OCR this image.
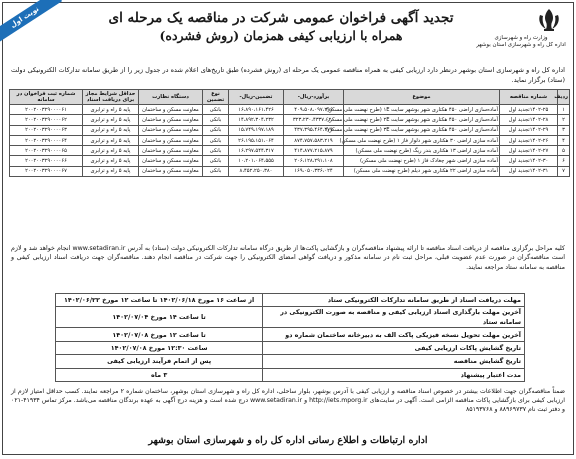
نوبت اول
وزارت راه و شهرسازی
اداره کل راه و شهرسازی استان بوشهر
تجدید آگهی فراخوان عمومی شرکت در مناقصه یک مرحله ای
همراه با ارزیابی کیفی همزمان (روش فشرده)
اداره کل راه و شهرسازی استان بوشهر درنظر دارد ارزیابی کیفی به همراه مناقصه عمومی یک مرحله ای (روش فشرده) طبق تاریخ‌های اعلام شده در جدول زیر را از طریق سامانه تدارکات الکترونیکی دولت (ستاد) برگزار نماید.
ردیف	شماره مناقصه	موضوع	برآورد-ریال-	تضمین-ریال-	نوع تضمین	دستگاه نظارت	حداقل شرایط مجاز برای دریافت اسناد	شماره ثبت فراخوان در سامانه
۱	۱۴۰۲-۲۵تجدید اول	آماده‌سازی اراضی ۴۵۰ هکتاری شهر بوشهر سایت ۱E (طرح نهضت ملی مسکن)	۴۰۹،۵۰۸،۰۹۷،۲۹۶	۱۶،۸۹۰،۱۶۱،۴۲۶	بانکی	معاونت مسکن و ساختمان	پایه ۵ راه و ترابری	۲۰۰۲۰۰۳۲۹۰۰۰۰۶۱
۲	۱۴۰۲-۲۸تجدید اول	آماده‌سازی اراضی ۴۵۰ هکتاری شهر بوشهر سایت ۲E (طرح نهضت ملی مسکن)	۳۲۳،۲۳۰،۴۳۳۷،۰۲۰	۱۴،۸۹۲،۳۰۴،۲۳۲	بانکی	معاونت مسکن و ساختمان	پایه ۵ راه و ترابری	۲۰۰۲۰۰۳۲۹۰۰۰۰۶۲
۳	۱۴۰۲-۲۹تجدید اول	آماده‌سازی اراضی ۴۵۰ هکتاری شهر بوشهر سایت ۳E (طرح نهضت ملی مسکن)	۴۳۷،۳۹۵،۴۶۴،۴۷۹	۱۵،۷۴۹،۱۹۷،۱۸۹	بانکی	معاونت مسکن و ساختمان	پایه ۵ راه و ترابری	۲۰۰۲۰۰۳۲۹۰۰۰۰۶۳
۴	۱۴۰۲-۲۶تجدید اول	آماده سازی اراضی ۳۰ هکتاری شهر دلوار فاز ۱ (طرح نهضت ملی مسکن)	۸۷۴،۷۵۷،۵۸۳،۲۱۹	۲۶،۱۹۵،۱۵۱،۰۶۴	بانکی	معاونت مسکن و ساختمان	پایه ۵ راه و ترابری	۲۰۰۲۰۰۳۲۹۰۰۰۰۶۴
۵	۱۴۰۲-۲۷تجدید اول	آماده سازی اراضی ۱۳ هکتاری بندر ریگ (طرح نهضت ملی مسکن)	۴۱۴،۸۷۷،۲۱۵،۸۷۹	۱۶،۲۹۷،۵۴۴،۳۱۷	بانکی	معاونت مسکن و ساختمان	پایه ۵ راه و ترابری	۲۰۰۲۰۰۳۲۹۰۰۰۰۶۵
۶	۱۴۰۲-۳۰تجدید اول	آماده سازی اراضی شهر چغادک فاز ۱ (طرح نهضت ملی مسکن)	۲۰۶،۱۲۸،۲۹۱،۱۰۸	۱۰،۲۰۱،۰۶۴،۵۵۵	بانکی	معاونت مسکن و ساختمان	پایه ۵ راه و ترابری	۲۰۰۲۰۰۳۲۹۰۰۰۰۶۶
۷	۱۴۰۲-۳۱تجدید اول	آماده سازی اراضی ۲۲ هکتاری شهر دیلم (طرح نهضت ملی مسکن)	۱۶۹،۰۵۰،۳۳۶،۰۲۴	۸،۴۵۲،۲۵۰،۳۸۰	بانکی	معاونت مسکن و ساختمان	پایه ۵ راه و ترابری	۲۰۰۲۰۰۳۲۹۰۰۰۰۶۷
کلیه مراحل برگزاری مناقصه از دریافت اسناد مناقصه تا ارائه پیشنهاد مناقصه‌گران و بازگشایی پاکت‌ها از طریق درگاه سامانه تدارکات الکترونیکی دولت (ستاد) به آدرس www.setadiran.ir انجام خواهد شد و لازم است مناقصه‌گران در صورت عدم عضویت قبلی، مراحل ثبت نام در سامانه مذکور و دریافت گواهی امضای الکترونیکی را جهت شرکت در مناقصه انجام دهند. مناقصه‌گران جهت دریافت اسناد ارزیابی کیفی و مناقصه به سامانه ستاد مراجعه نمایند.
مهلت دریافت اسناد از طریق سامانه تدارکات الکترونیکی ستاد	از ساعت ۱۶ مورخ ۱۴۰۲/۰۶/۱۸ تا ساعت ۱۲ مورخ ۱۴۰۲/۰۶/۲۲
آخرین مهلت بارگذاری اسناد ارزیابی کیفی و مناقصه به صورت الکترونیکی در سامانه ستاد	تا ساعت ۱۴ مورخ ۱۴۰۲/۰۷/۰۴
آخرین مهلت تحویل نسخه فیزیکی پاکت الف به دبیرخانه ساختمان شماره دو	تا ساعت ۱۲ مورخ ۱۴۰۲/۰۷/۰۸
تاریخ گشایش پاکات ارزیابی کیفی	ساعت ۱۲:۳۰ مورخ ۱۴۰۲/۰۷/۰۸
تاریخ گشایش مناقصه	پس از اتمام فرآیند ارزیابی کیفی
مدت اعتبار پیشنهاد	۳ ماه
ضمناً مناقصه‌گران جهت اطلاعات بیشتر در خصوص اسناد مناقصه و ارزیابی کیفی با آدرس بوشهر، بلوار ساحلی، اداره کل راه و شهرسازی استان بوشهر، ساختمان شماره ۲ مراجعه نمایند. کسب حداقل امتیاز لازم از ارزیابی کیفی برای بازگشایی پاکات مناقصه الزامی است. آگهی در سایت‌های http://iets.mporg.ir و www.setadiran.ir درج شده است و هزینه درج آگهی به عهده برندگان مناقصه می‌باشد. مرکز تماس ۴۱۹۳۴-۰۲۱ و دفتر ثبت نام ۸۸۹۶۹۷۳۷ و ۸۵۱۹۳۷۶۸
اداره ارتباطات و اطلاع رسانی اداره کل راه و شهرسازی استان بوشهر
